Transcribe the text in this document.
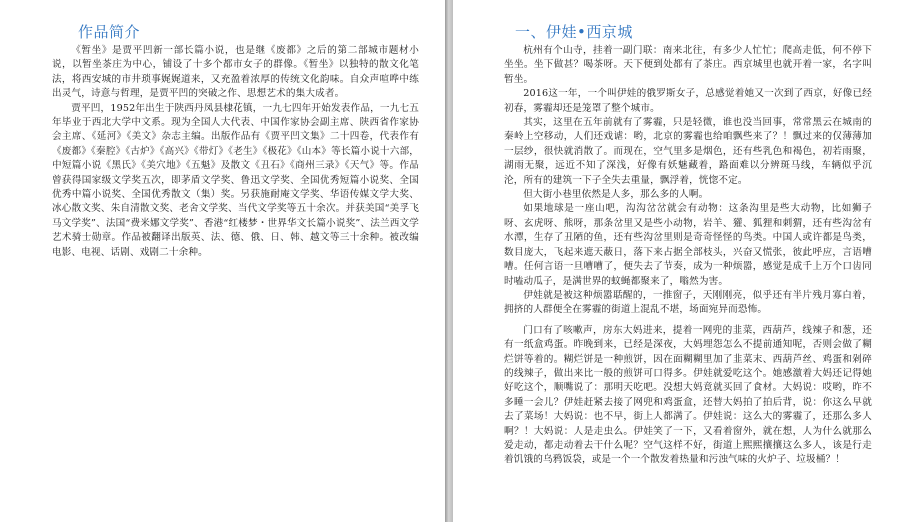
作品简介

《暂坐》是贾平凹新一部长篇小说，也是继《废都》之后的第二部城市题材小说，以暂坐茶庄为中心，铺设了十多个都市女子的群像。《暂坐》以独特的散文化笔法，将西安城的市井琐事娓娓道来，又充盈着浓厚的传统文化韵味。自众声喧哗中练出灵气，诗意与哲理，是贾平凹的突破之作、思想艺术的集大成者。

贾平凹，1952年出生于陕西丹凤县棣花镇，一九七四年开始发表作品，一九七五年毕业于西北大学中文系。现为全国人大代表、中国作家协会副主席、陕西省作家协会主席、《延河》《美文》杂志主编。出版作品有《贾平凹文集》二十四卷，代表作有《废都》《秦腔》《古炉》《高兴》《带灯》《老生》《极花》《山本》等长篇小说十六部，中短篇小说《黑氏》《美穴地》《五魁》及散文《丑石》《商州三录》《天气》等。作品曾获得国家级文学奖五次，即茅盾文学奖、鲁迅文学奖、全国优秀短篇小说奖、全国优秀中篇小说奖、全国优秀散文（集）奖。另获施耐庵文学奖、华语传媒文学大奖、冰心散文奖、朱自清散文奖、老舍文学奖、当代文学奖等五十余次。并获美国“美孚飞马文学奖”、法国“费米娜文学奖”、香港“红楼梦・世界华文长篇小说奖”、法兰西文学艺术骑士勋章。作品被翻译出版英、法、德、俄、日、韩、越文等三十余种。被改编电影、电视、话剧、戏剧二十余种。

一、伊娃•西京城

杭州有个山寺，挂着一副门联：南来北往，有多少人忙忙；爬高走低，何不停下坐坐。坐下做甚？喝茶呀。天下便到处都有了茶庄。西京城里也就开着一家，名字叫暂坐。

2016这一年，一个叫伊娃的俄罗斯女子，总感觉着她又一次到了西京，好像已经初春，雾霾却还是笼罩了整个城市。

其实，这里在五年前就有了雾霾，只是轻微，谁也没当回事，常常黑云在城南的秦岭上空移动，人们还戏谑：哟，北京的雾霾也给咱飘些来了？！飘过来的仅薄薄加一层纱，很快就消散了。而现在，空气里多是烟色，还有些乳色和褐色，初若雨聚，湖雨无聚，远近不知了深浅，好像有妖魅藏着，路面难以分辨斑马线，车辆似乎沉沦，所有的建筑一下子全失去重量，飘浮着，恍惚不定。

但大街小巷里依然是人多，那么多的人啊。

如果地球是一座山吧，沟沟岔岔就会有动物：这条沟里是些大动物，比如狮子呀、玄虎呀、熊呀，那条岔里又是些小动物，岩羊、獾、狐狸和刺猬，还有些沟岔有水潭，生存了丑陋的鱼，还有些沟岔里则是奇奇怪怪的鸟类。中国人或许都是鸟类，数目庞大，飞起来遮天蔽日，落下来占据全部枝头，兴奋又慌张，彼此呼应，言语嘈嘈。任何言语一旦嘈嘈了，便失去了节奏，成为一种烦嚣，感觉是成千上万个口齿同时嗑动瓜子，是满世界的蚊蝇都聚来了，嗡然为害。

伊娃就是被这种烦嚣聒醒的，一推窗子，天刚刚亮，似乎还有半片残月寡白着，拥挤的人群便全在雾霾的街道上混乱不堪，场面宛异而恐怖。

门口有了咳嗽声，房东大妈进来，提着一网兜的韭菜，西葫芦，线辣子和葱，还有一纸盒鸡蛋。昨晚到来，已经是深夜，大妈埋怨怎么不提前通知呢，否则会做了糊烂饼等着的。糊烂饼是一种煎饼，因在面糊糊里加了韭菜末、西葫芦丝、鸡蛋和剁碎的线辣子，做出来比一般的煎饼可口得多。伊娃就爱吃这个。她感激着大妈还记得她好吃这个，顺嘴说了：那明天吃吧。没想大妈竟就买回了食材。大妈说：哎哟，昨不多睡一会儿？伊娃赶紧去接了网兜和鸡蛋盒，还替大妈拍了拍后背，说：你这么早就去了菜场！大妈说：也不早，街上人都满了。伊娃说：这么大的雾霾了，还那么多人啊？！大妈说：人是走虫么。伊娃笑了一下，又看着窗外，就在想，人为什么就那么爱走动，都走动着去干什么呢？空气这样不好，街道上熙熙攘攘这么多人，该是行走着饥饿的乌鸦饭袋，或是一个一个散发着热量和污浊气味的火炉子、垃圾桶？！
